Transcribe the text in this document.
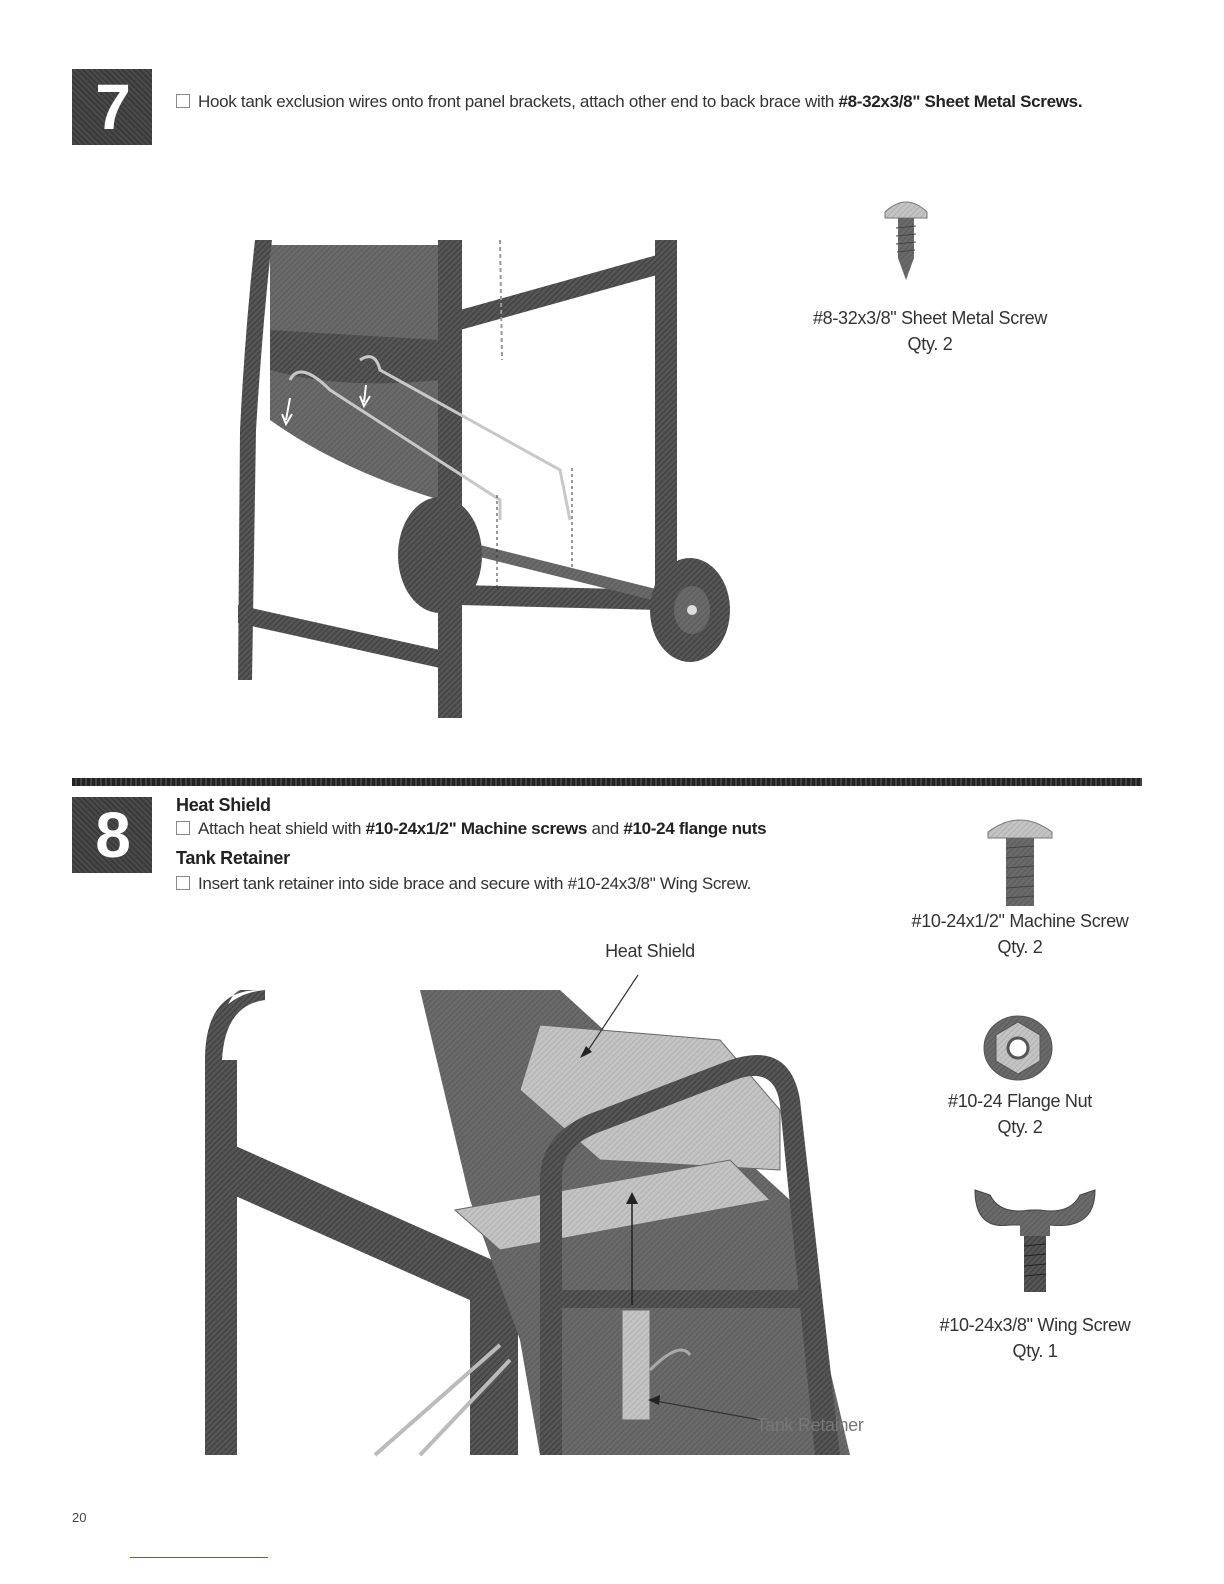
7	Hook tank exclusion wires onto front panel brackets, attach other end to back brace with #8-32x3/8" Sheet Metal Screws.
#8-32x3/8" Sheet Metal Screw
Qty. 2
8	Heat Shield
Attach heat shield with #10-24x1/2" Machine screws and #10-24 flange nuts
Tank Retainer
Insert tank retainer into side brace and secure with #10-24x3/8" Wing Screw.
Heat Shield
Tank Retainer
#10-24x1/2" Machine Screw
Qty. 2
#10-24 Flange Nut
Qty. 2
#10-24x3/8" Wing Screw
Qty. 1
20
